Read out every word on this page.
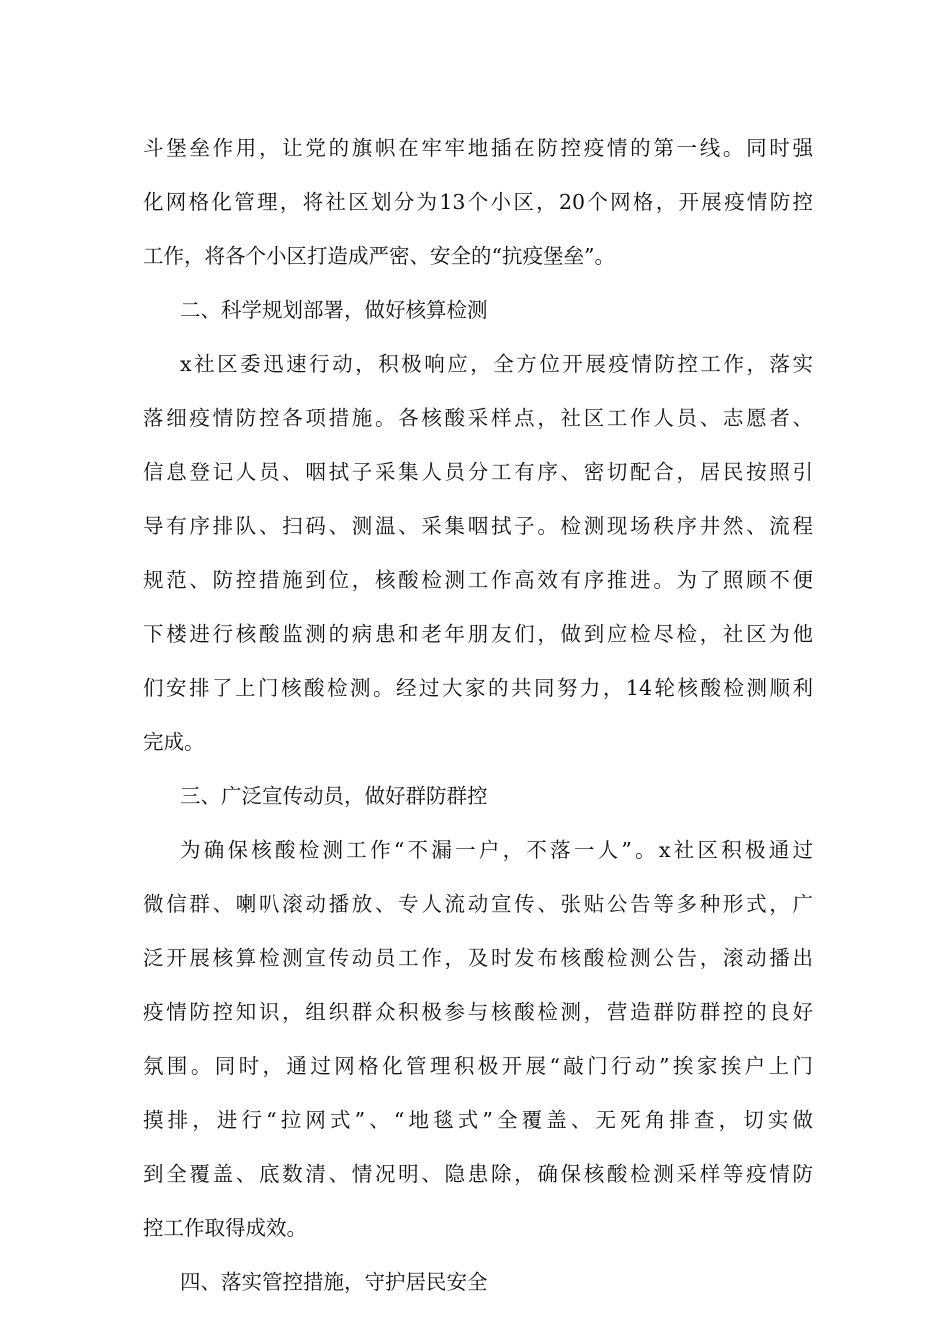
斗堡垒作用，让党的旗帜在牢牢地插在防控疫情的第一线。同时强
化网格化管理，将社区划分为13个小区，20个网格，开展疫情防控
工作，将各个小区打造成严密、安全的“抗疫堡垒”。
二、科学规划部署，做好核算检测
x社区委迅速行动，积极响应，全方位开展疫情防控工作，落实
落细疫情防控各项措施。各核酸采样点，社区工作人员、志愿者、
信息登记人员、咽拭子采集人员分工有序、密切配合，居民按照引
导有序排队、扫码、测温、采集咽拭子。检测现场秩序井然、流程
规范、防控措施到位，核酸检测工作高效有序推进。为了照顾不便
下楼进行核酸监测的病患和老年朋友们，做到应检尽检，社区为他
们安排了上门核酸检测。经过大家的共同努力，14轮核酸检测顺利
完成。
三、广泛宣传动员，做好群防群控
为确保核酸检测工作“不漏一户，不落一人”。x社区积极通过
微信群、喇叭滚动播放、专人流动宣传、张贴公告等多种形式，广
泛开展核算检测宣传动员工作，及时发布核酸检测公告，滚动播出
疫情防控知识，组织群众积极参与核酸检测，营造群防群控的良好
氛围。同时，通过网格化管理积极开展“敲门行动”挨家挨户上门
摸排，进行“拉网式”、“地毯式”全覆盖、无死角排查，切实做
到全覆盖、底数清、情况明、隐患除，确保核酸检测采样等疫情防
控工作取得成效。
四、落实管控措施，守护居民安全
